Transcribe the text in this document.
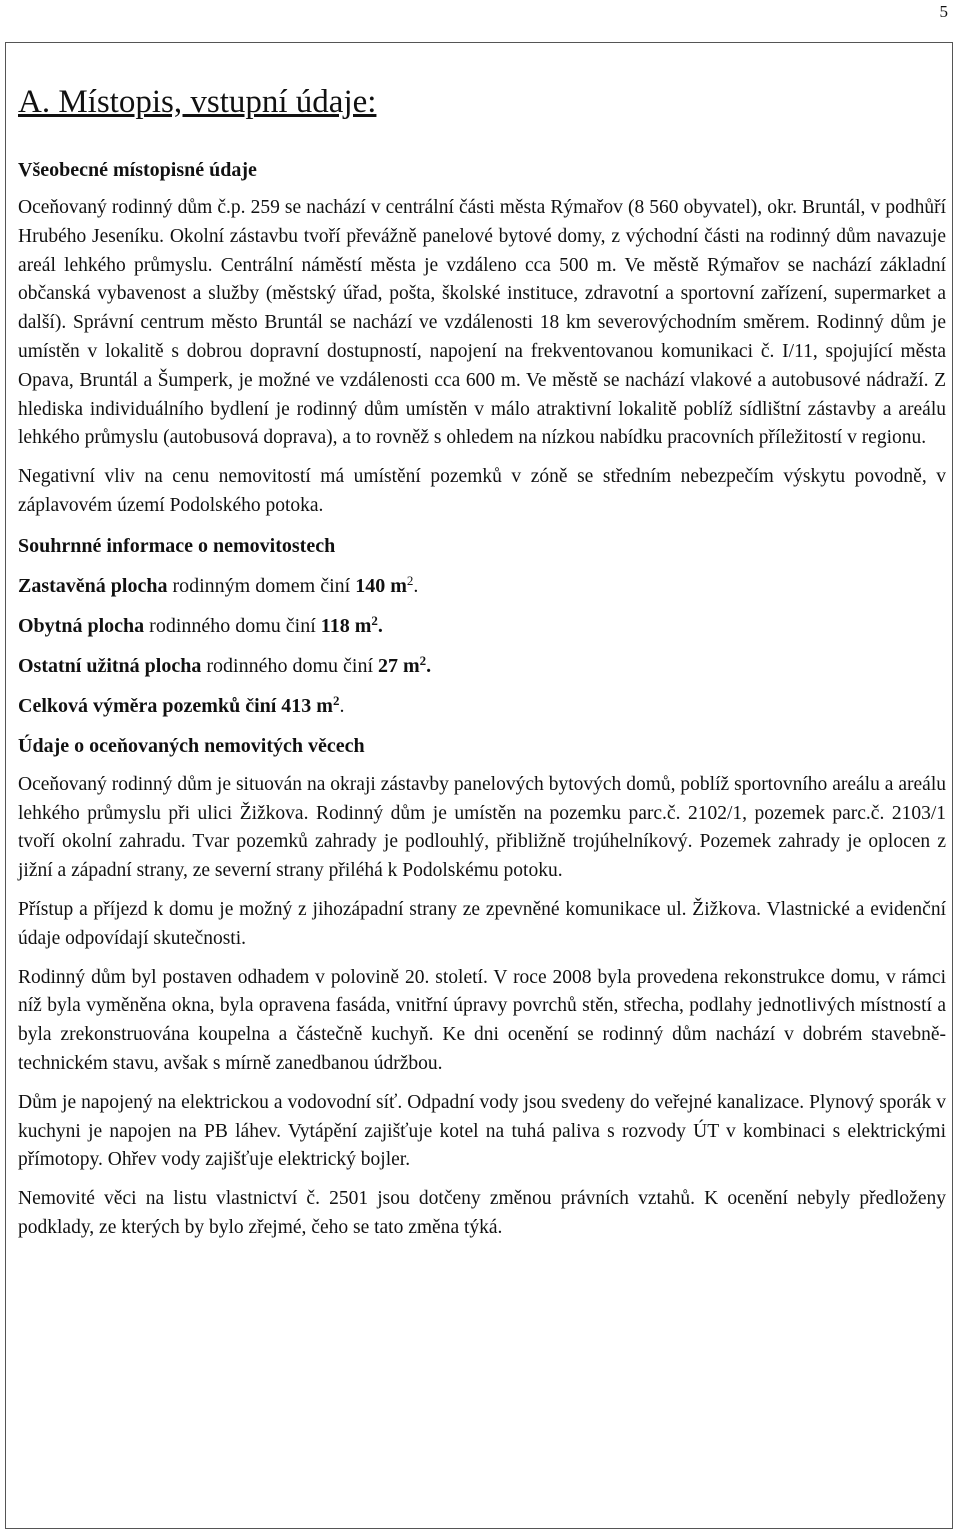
5
A. Místopis, vstupní údaje:
Všeobecné místopisné údaje

Oceňovaný rodinný dům č.p. 259 se nachází v centrální části města Rýmařov (8 560 obyvatel), okr. Bruntál, v podhůří Hrubého Jeseníku. Okolní zástavbu tvoří převážně panelové bytové domy, z východní části na rodinný dům navazuje areál lehkého průmyslu. Centrální náměstí města je vzdáleno cca 500 m. Ve městě Rýmařov se nachází základní občanská vybavenost a služby (městský úřad, pošta, školské instituce, zdravotní a sportovní zařízení, supermarket a další). Správní centrum město Bruntál se nachází ve vzdálenosti 18 km severovýchodním směrem. Rodinný dům je umístěn v lokalitě s dobrou dopravní dostupností, napojení na frekventovanou komunikaci č. I/11, spojující města Opava, Bruntál a Šumperk, je možné ve vzdálenosti cca 600 m. Ve městě se nachází vlakové a autobusové nádraží. Z hlediska individuálního bydlení je rodinný dům umístěn v málo atraktivní lokalitě poblíž sídlištní zástavby a areálu lehkého průmyslu (autobusová doprava), a to rovněž s ohledem na nízkou nabídku pracovních příležitostí v regionu.

Negativní vliv na cenu nemovitostí má umístění pozemků v zóně se středním nebezpečím výskytu povodně, v záplavovém území Podolského potoka.

Souhrnné informace o nemovitostech

Zastavěná plocha rodinným domem činí 140 $m^2$.

Obytná plocha rodinného domu činí 118 $m^2$.

Ostatní užitná plocha rodinného domu činí 27 $m^2$.

Celková výměra pozemků činí 413 $m^2$.

Údaje o oceňovaných nemovitých věcech

Oceňovaný rodinný dům je situován na okraji zástavby panelových bytových domů, poblíž sportovního areálu a areálu lehkého průmyslu při ulici Žižkova. Rodinný dům je umístěn na pozemku parc.č. 2102/1, pozemek parc.č. 2103/1 tvoří okolní zahradu. Tvar pozemků zahrady je podlouhlý, přibližně trojúhelníkový. Pozemek zahrady je oplocen z jižní a západní strany, ze severní strany přiléhá k Podolskému potoku.

Přístup a příjezd k domu je možný z jihozápadní strany ze zpevněné komunikace ul. Žižkova. Vlastnické a evidenční údaje odpovídají skutečnosti.

Rodinný dům byl postaven odhadem v polovině 20. století. V roce 2008 byla provedena rekonstrukce domu, v rámci níž byla vyměněna okna, byla opravena fasáda, vnitřní úpravy povrchů stěn, střecha, podlahy jednotlivých místností a byla zrekonstruována koupelna a částečně kuchyň. Ke dni ocenění se rodinný dům nachází v dobrém stavebně-technickém stavu, avšak s mírně zanedbanou údržbou.

Dům je napojený na elektrickou a vodovodní síť. Odpadní vody jsou svedeny do veřejné kanalizace. Plynový sporák v kuchyni je napojen na PB láhev. Vytápění zajišťuje kotel na tuhá paliva s rozvody ÚT v kombinaci s elektrickými přímotopy. Ohřev vody zajišťuje elektrický bojler.

Nemovité věci na listu vlastnictví č. 2501 jsou dotčeny změnou právních vztahů. K ocenění nebyly předloženy podklady, ze kterých by bylo zřejmé, čeho se tato změna týká.
